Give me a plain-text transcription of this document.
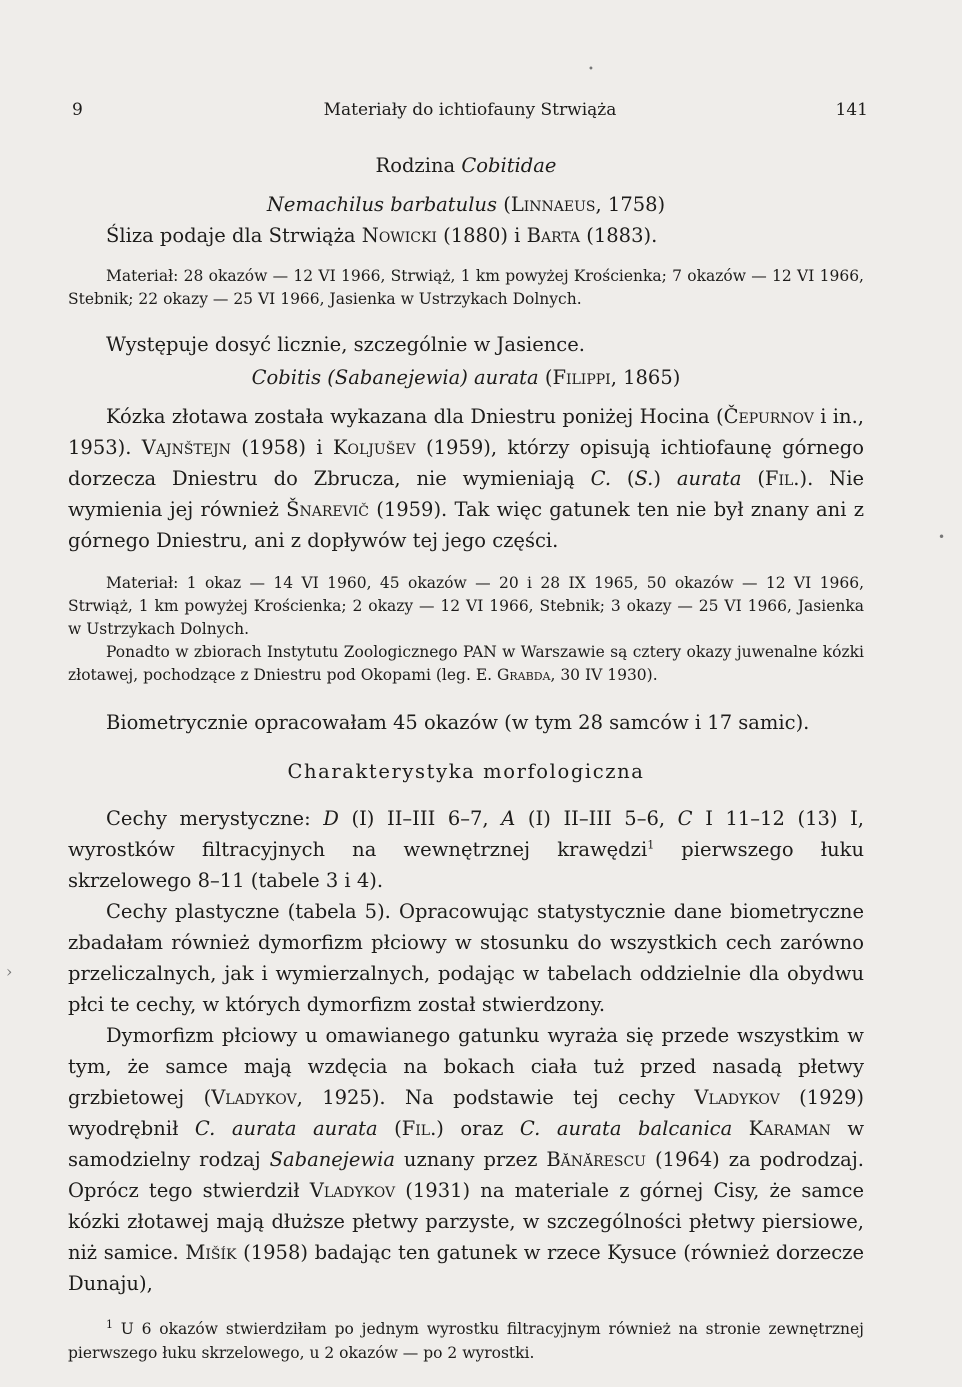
•
•
›
9	Materiały do ichtiofauny Strwiąża	141

Rodzina Cobitidae

Nemachilus barbatulus (Linnaeus, 1758)

Śliza podaje dla Strwiąża Nowicki (1880) i Barta (1883).

Materiał: 28 okazów — 12 VI 1966, Strwiąż, 1 km powyżej Krościenka; 7 okazów — 12 VI 1966, Stebnik; 22 okazy — 25 VI 1966, Jasienka w Ustrzykach Dolnych.

Występuje dosyć licznie, szczególnie w Jasience.

Cobitis (Sabanejewia) aurata (Filippi, 1865)

Kózka złotawa została wykazana dla Dniestru poniżej Hocina (Čepurnov i in., 1953). Vajnštejn (1958) i Koljušev (1959), którzy opisują ichtiofaunę górnego dorzecza Dniestru do Zbrucza, nie wymieniają C. (S.) aurata (Fil.). Nie wymienia jej również Šnarevič (1959). Tak więc gatunek ten nie był znany ani z górnego Dniestru, ani z dopływów tej jego części.

Materiał: 1 okaz — 14 VI 1960, 45 okazów — 20 i 28 IX 1965, 50 okazów — 12 VI 1966, Strwiąż, 1 km powyżej Krościenka; 2 okazy — 12 VI 1966, Stebnik; 3 okazy — 25 VI 1966, Jasienka w Ustrzykach Dolnych.

Ponadto w zbiorach Instytutu Zoologicznego PAN w Warszawie są cztery okazy juwenalne kózki złotawej, pochodzące z Dniestru pod Okopami (leg. E. Grabda, 30 IV 1930).

Biometrycznie opracowałam 45 okazów (w tym 28 samców i 17 samic).

Charakterystyka morfologiczna

Cechy merystyczne: D (I) II–III 6–7, A (I) II–III 5–6, C I 11–12 (13) I, wyrostków filtracyjnych na wewnętrznej krawędzi$^1$ pierwszego łuku skrzelowego 8–11 (tabele 3 i 4).

Cechy plastyczne (tabela 5). Opracowując statystycznie dane biometryczne zbadałam również dymorfizm płciowy w stosunku do wszystkich cech zarówno przeliczalnych, jak i wymierzalnych, podając w tabelach oddzielnie dla obydwu płci te cechy, w których dymorfizm został stwierdzony.

Dymorfizm płciowy u omawianego gatunku wyraża się przede wszystkim w tym, że samce mają wzdęcia na bokach ciała tuż przed nasadą płetwy grzbietowej (Vladykov, 1925). Na podstawie tej cechy Vladykov (1929) wyodrębnił C. aurata aurata (Fil.) oraz C. aurata balcanica Karaman w samodzielny rodzaj Sabanejewia uznany przez Bănărescu (1964) za podrodzaj. Oprócz tego stwierdził Vladykov (1931) na materiale z górnej Cisy, że samce kózki złotawej mają dłuższe płetwy parzyste, w szczególności płetwy piersiowe, niż samice. Mišík (1958) badając ten gatunek w rzece Kysuce (również dorzecze Dunaju),

$^1$ U 6 okazów stwierdziłam po jednym wyrostku filtracyjnym również na stronie zewnętrznej pierwszego łuku skrzelowego, u 2 okazów — po 2 wyrostki.
